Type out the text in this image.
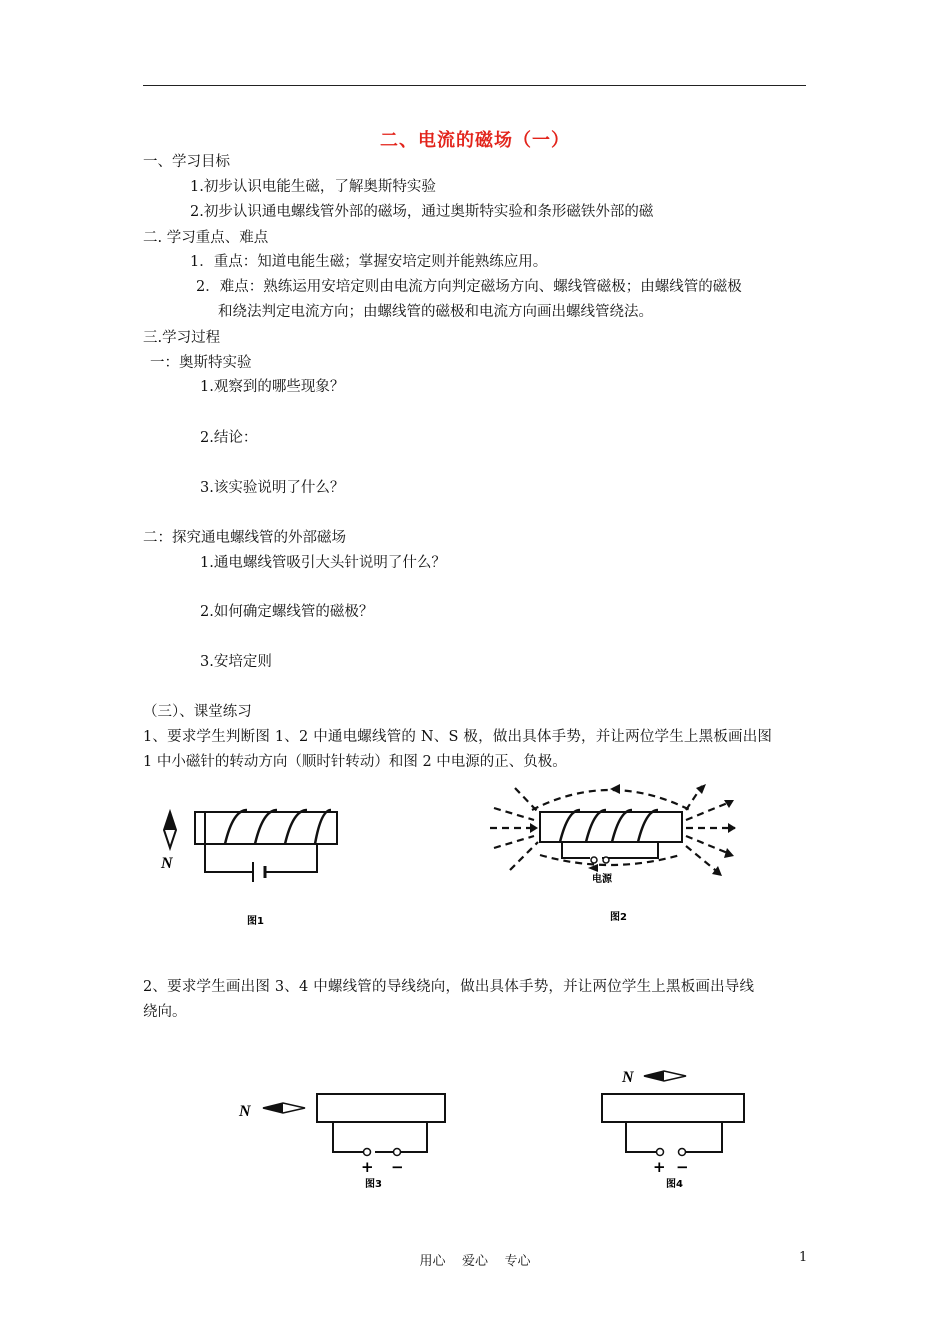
二、电流的磁场（一）
一、学习目标
1.初步认识电能生磁，了解奥斯特实验
2.初步认识通电螺线管外部的磁场，通过奥斯特实验和条形磁铁外部的磁
二. 学习重点、难点
1．重点：知道电能生磁；掌握安培定则并能熟练应用。
2．难点：熟练运用安培定则由电流方向判定磁场方向、螺线管磁极；由螺线管的磁极
和绕法判定电流方向；由螺线管的磁极和电流方向画出螺线管绕法。
三.学习过程
一：奥斯特实验
1.观察到的哪些现象？
2.结论：
3.该实验说明了什么？
二：探究通电螺线管的外部磁场
1.通电螺线管吸引大头针说明了什么？
2.如何确定螺线管的磁极？
3.安培定则
（三）、课堂练习
1、要求学生判断图 1、2 中通电螺线管的 N、S 极，做出具体手势，并让两位学生上黑板画出图
1 中小磁针的转动方向（顺时针转动）和图 2 中电源的正、负极。
N
图1
电源
图2
2、要求学生画出图 3、4 中螺线管的导线绕向，做出具体手势，并让两位学生上黑板画出导线
绕向。
N
+ −
图3
N
+ −
图4
用心    爱心    专心	1
